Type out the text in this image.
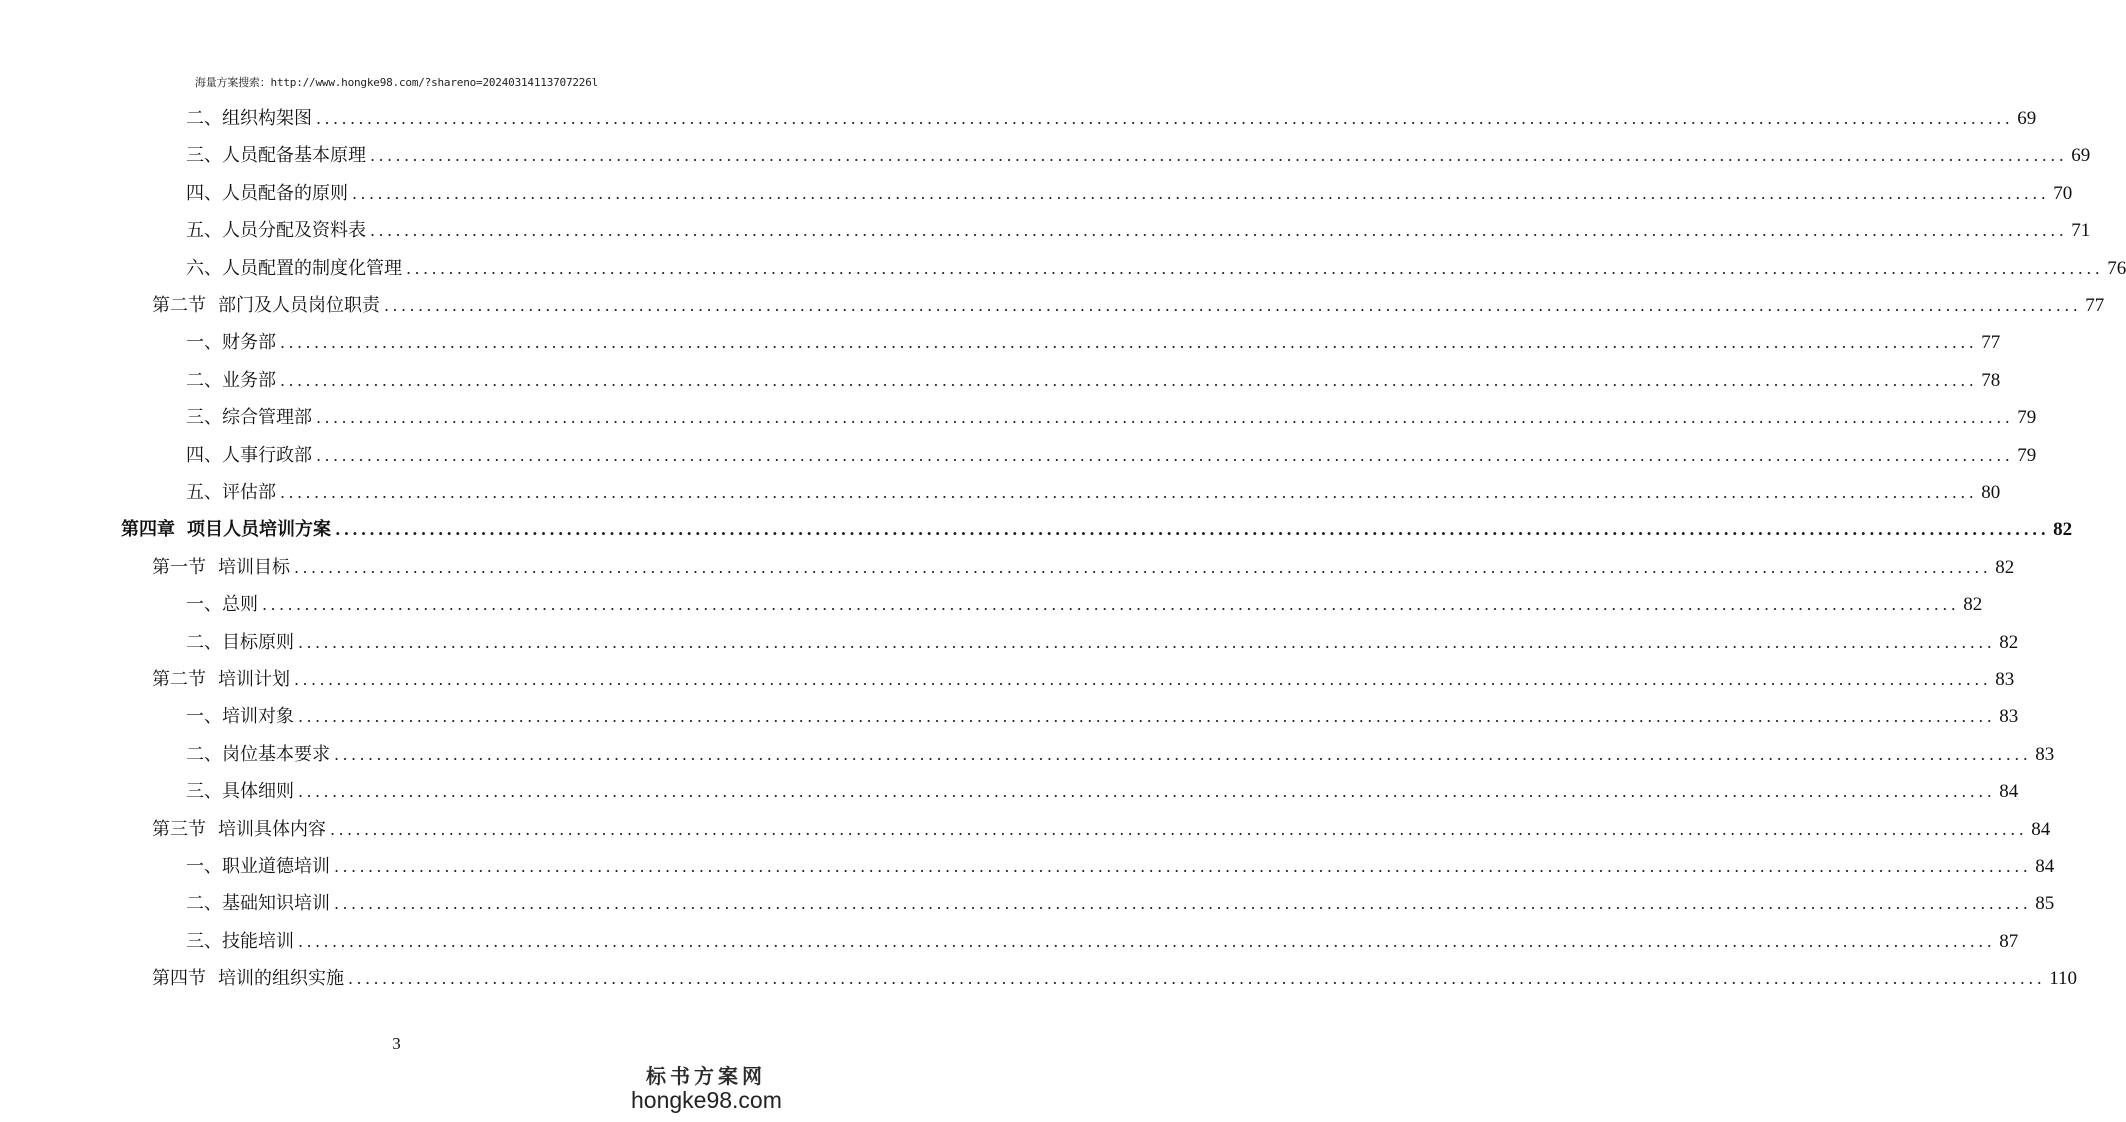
海量方案搜索：http://www.hongke98.com/?shareno=20240314113707226l
二、组织构架图 ........................................................................................................................................................................................................ 69
三、人员配备基本原理 ........................................................................................................................................................................................................ 69
四、人员配备的原则 ........................................................................................................................................................................................................ 70
五、人员分配及资料表 ........................................................................................................................................................................................................ 71
六、人员配置的制度化管理 ........................................................................................................................................................................................................ 76
第二节 部门及人员岗位职责 ........................................................................................................................................................................................................ 77
一、财务部 ........................................................................................................................................................................................................ 77
二、业务部 ........................................................................................................................................................................................................ 78
三、综合管理部 ........................................................................................................................................................................................................ 79
四、人事行政部 ........................................................................................................................................................................................................ 79
五、评估部 ........................................................................................................................................................................................................ 80
第四章 项目人员培训方案 ........................................................................................................................................................................................................ 82
第一节 培训目标 ........................................................................................................................................................................................................ 82
一、总则 ........................................................................................................................................................................................................ 82
二、目标原则 ........................................................................................................................................................................................................ 82
第二节 培训计划 ........................................................................................................................................................................................................ 83
一、培训对象 ........................................................................................................................................................................................................ 83
二、岗位基本要求 ........................................................................................................................................................................................................ 83
三、具体细则 ........................................................................................................................................................................................................ 84
第三节 培训具体内容 ........................................................................................................................................................................................................ 84
一、职业道德培训 ........................................................................................................................................................................................................ 84
二、基础知识培训 ........................................................................................................................................................................................................ 85
三、技能培训 ........................................................................................................................................................................................................ 87
第四节 培训的组织实施 ........................................................................................................................................................................................................ 110
3
标书方案网
hongke98.com
